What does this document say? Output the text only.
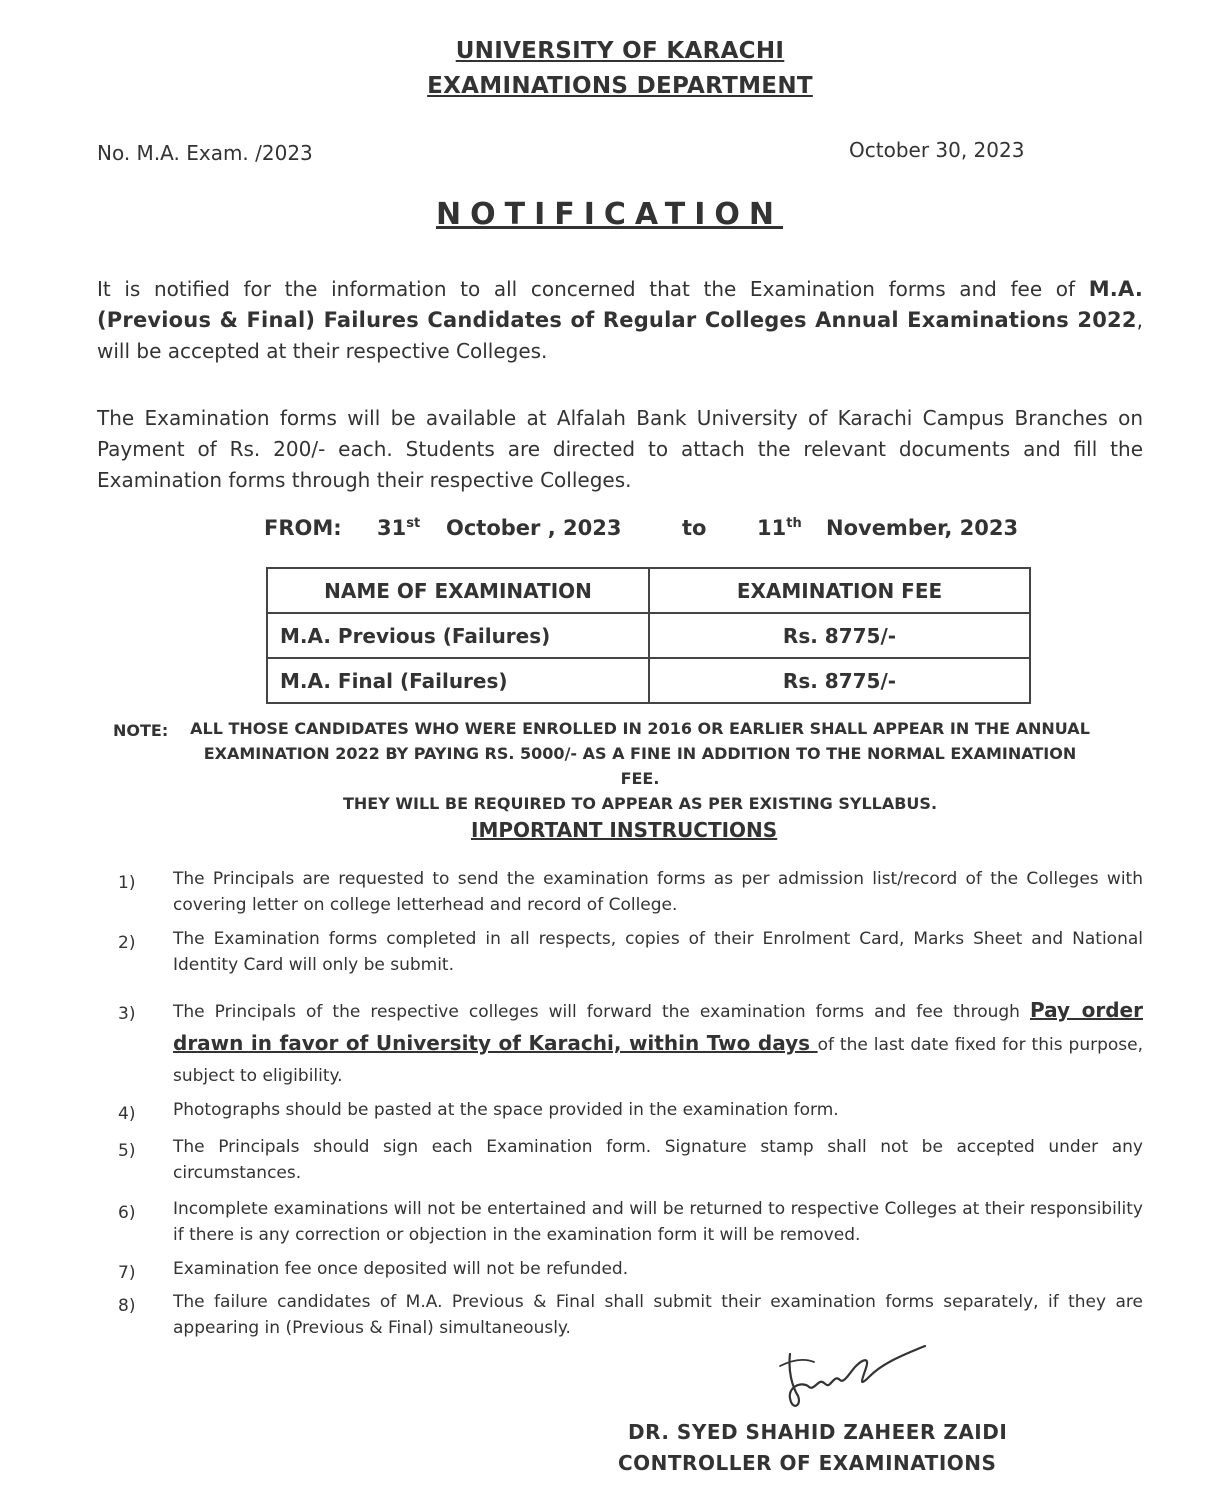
UNIVERSITY OF KARACHI
EXAMINATIONS DEPARTMENT
No. M.A. Exam. /2023	October 30, 2023
NOTIFICATION
It is notified for the information to all concerned that the Examination forms and fee of M.A. (Previous & Final) Failures Candidates of Regular Colleges Annual Examinations 2022, will be accepted at their respective Colleges.
The Examination forms will be available at Alfalah Bank University of Karachi Campus Branches on Payment of Rs. 200/- each. Students are directed to attach the relevant documents and fill the Examination forms through their respective Colleges.
FROM: 31st October , 2023	to 11th November, 2023
NAME OF EXAMINATION	EXAMINATION FEE
M.A. Previous (Failures)	Rs. 8775/-
M.A. Final (Failures)	Rs. 8775/-
NOTE:	ALL THOSE CANDIDATES WHO WERE ENROLLED IN 2016 OR EARLIER SHALL APPEAR IN THE ANNUAL
EXAMINATION 2022 BY PAYING RS. 5000/- AS A FINE IN ADDITION TO THE NORMAL EXAMINATION FEE.
THEY WILL BE REQUIRED TO APPEAR AS PER EXISTING SYLLABUS.
IMPORTANT INSTRUCTIONS
1)	The Principals are requested to send the examination forms as per admission list/record of the Colleges with covering letter on college letterhead and record of College.
2)	The Examination forms completed in all respects, copies of their Enrolment Card, Marks Sheet and National Identity Card will only be submit.
3)	The Principals of the respective colleges will forward the examination forms and fee through Pay order drawn in favor of University of Karachi, within Two days of the last date fixed for this purpose, subject to eligibility.
4)	Photographs should be pasted at the space provided in the examination form.
5)	The Principals should sign each Examination form. Signature stamp shall not be accepted under any circumstances.
6)	Incomplete examinations will not be entertained and will be returned to respective Colleges at their responsibility if there is any correction or objection in the examination form it will be removed.
7)	Examination fee once deposited will not be refunded.
8)	The failure candidates of M.A. Previous & Final shall submit their examination forms separately, if they are appearing in (Previous & Final) simultaneously.
DR. SYED SHAHID ZAHEER ZAIDI
CONTROLLER OF EXAMINATIONS
